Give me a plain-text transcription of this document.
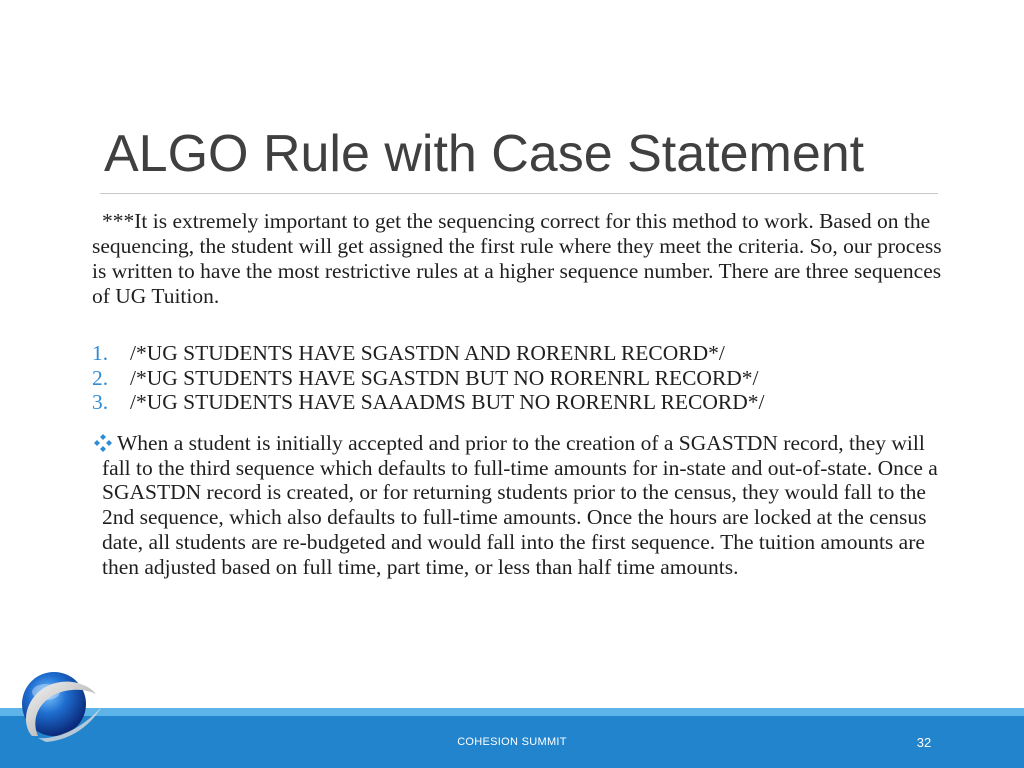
ALGO Rule with Case Statement

***It is extremely important to get the sequencing correct for this method to work. Based on the sequencing, the student will get assigned the first rule where they meet the criteria. So, our process is written to have the most restrictive rules at a higher sequence number. There are three sequences of UG Tuition.

1.	/*UG STUDENTS HAVE SGASTDN AND RORENRL RECORD*/
2.	/*UG STUDENTS HAVE SGASTDN BUT NO RORENRL RECORD*/
3.	/*UG STUDENTS HAVE SAAADMS BUT NO RORENRL RECORD*/

When a student is initially accepted and prior to the creation of a SGASTDN record, they will fall to the third sequence which defaults to full-time amounts for in-state and out-of-state. Once a SGASTDN record is created, or for returning students prior to the census, they would fall to the 2nd sequence, which also defaults to full-time amounts. Once the hours are locked at the census date, all students are re-budgeted and would fall into the first sequence. The tuition amounts are then adjusted based on full time, part time, or less than half time amounts.

COHESION SUMMIT	32
